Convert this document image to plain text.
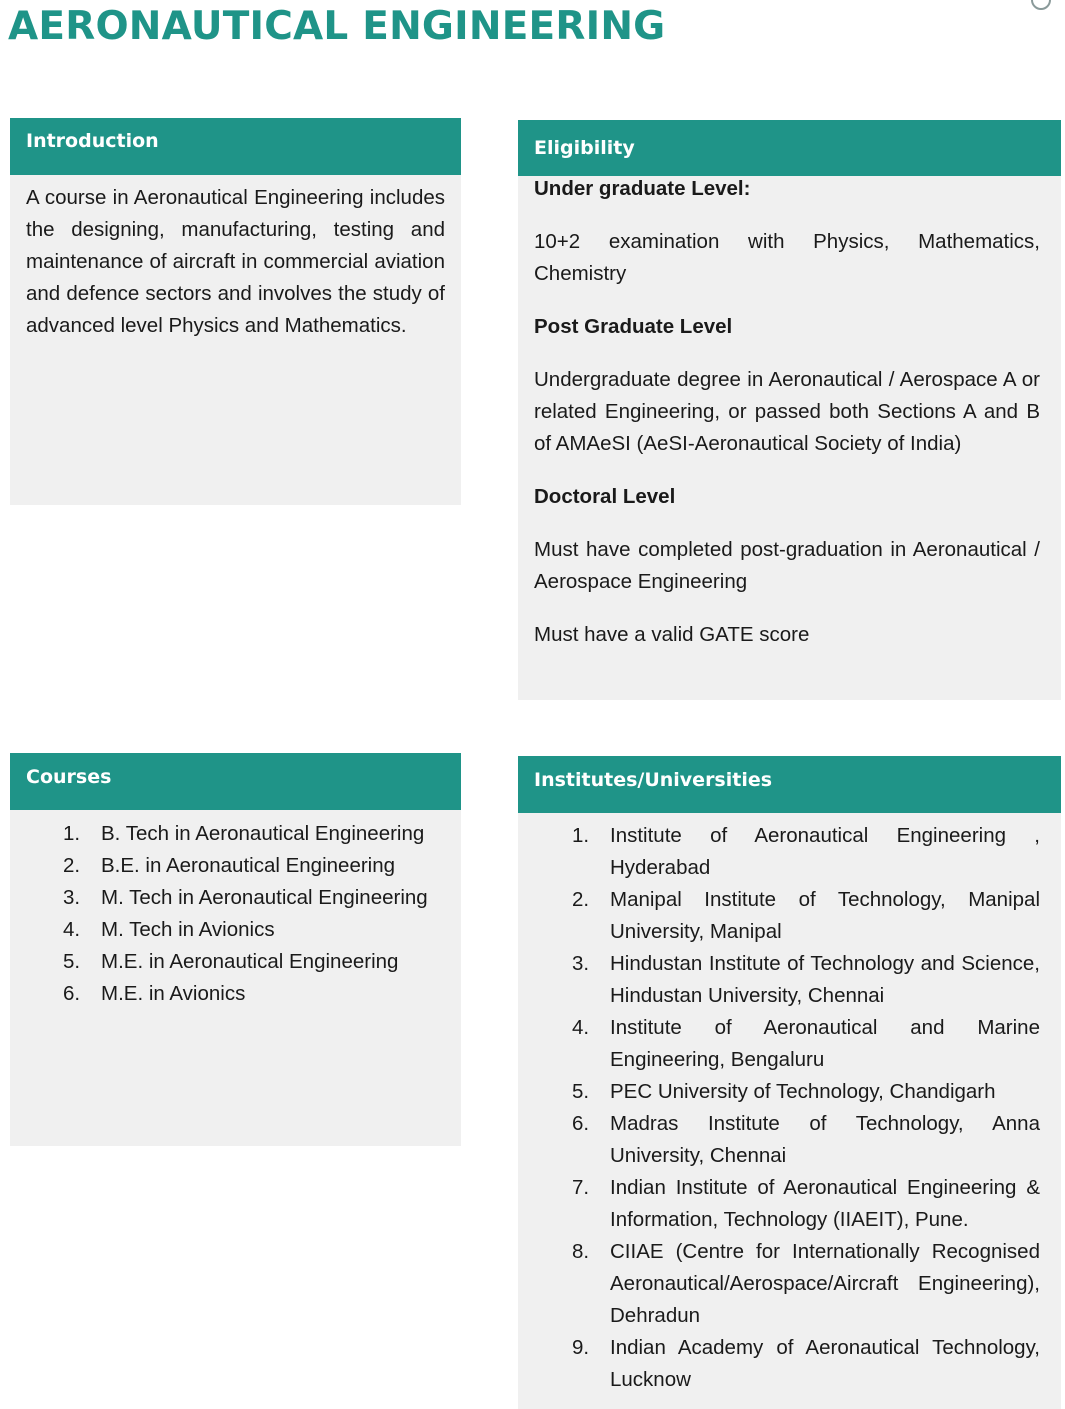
AERONAUTICAL ENGINEERING
Introduction

A course in Aeronautical Engineering includes the designing, manufacturing, testing and maintenance of aircraft in commercial aviation and defence sectors and involves the study of advanced level Physics and Mathematics.

Eligibility

Under graduate Level:

10+2 examination with Physics, Mathematics, Chemistry

Post Graduate Level

Undergraduate degree in Aeronautical / Aerospace A or related Engineering, or passed both Sections A and B of AMAeSI (AeSI-Aeronautical Society of India)

Doctoral Level

Must have completed post-graduation in Aeronautical / Aerospace Engineering

Must have a valid GATE score

Courses
1. B. Tech in Aeronautical Engineering
2. B.E. in Aeronautical Engineering
3. M. Tech in Aeronautical Engineering
4. M. Tech in Avionics
5. M.E. in Aeronautical Engineering
6. M.E. in Avionics
Institutes/Universities
1. Institute of Aeronautical Engineering , Hyderabad
2. Manipal Institute of Technology, Manipal University, Manipal
3. Hindustan Institute of Technology and Science, Hindustan University, Chennai
4. Institute of Aeronautical and Marine Engineering, Bengaluru
5. PEC University of Technology, Chandigarh
6. Madras Institute of Technology, Anna University, Chennai
7. Indian Institute of Aeronautical Engineering & Information, Technology (IIAEIT), Pune.
8. CIIAE (Centre for Internationally Recognised Aeronautical/Aerospace/Aircraft Engineering), Dehradun
9. Indian Academy of Aeronautical Technology, Lucknow
